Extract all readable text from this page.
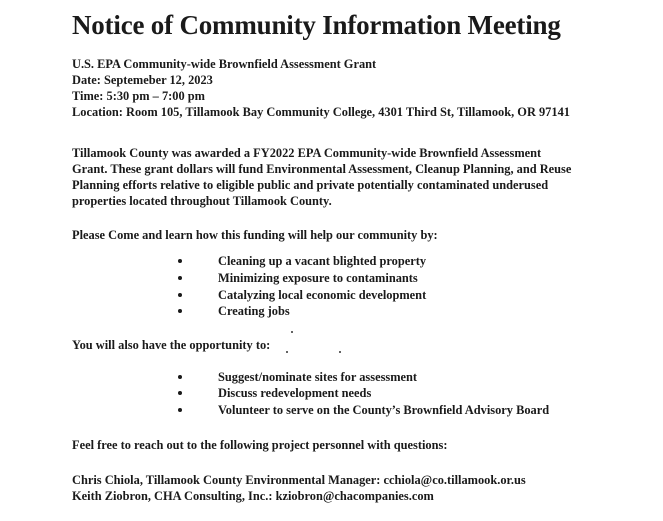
Notice of Community Information Meeting
U.S. EPA Community-wide Brownfield Assessment Grant
Date: Septemeber 12, 2023
Time: 5:30 pm – 7:00 pm
Location: Room 105, Tillamook Bay Community College, 4301 Third St, Tillamook, OR 97141
Tillamook County was awarded a FY2022 EPA Community-wide Brownfield Assessment
Grant. These grant dollars will fund Environmental Assessment, Cleanup Planning, and Reuse
Planning efforts relative to eligible public and private potentially contaminated underused
properties located throughout Tillamook County.
Please Come and learn how this funding will help our community by:
Cleaning up a vacant blighted property
Minimizing exposure to contaminants
Catalyzing local economic development
Creating jobs
You will also have the opportunity to:
Suggest/nominate sites for assessment
Discuss redevelopment needs
Volunteer to serve on the County’s Brownfield Advisory Board
Feel free to reach out to the following project personnel with questions:
Chris Chiola, Tillamook County Environmental Manager: cchiola@co.tillamook.or.us
Keith Ziobron, CHA Consulting, Inc.: kziobron@chacompanies.com
